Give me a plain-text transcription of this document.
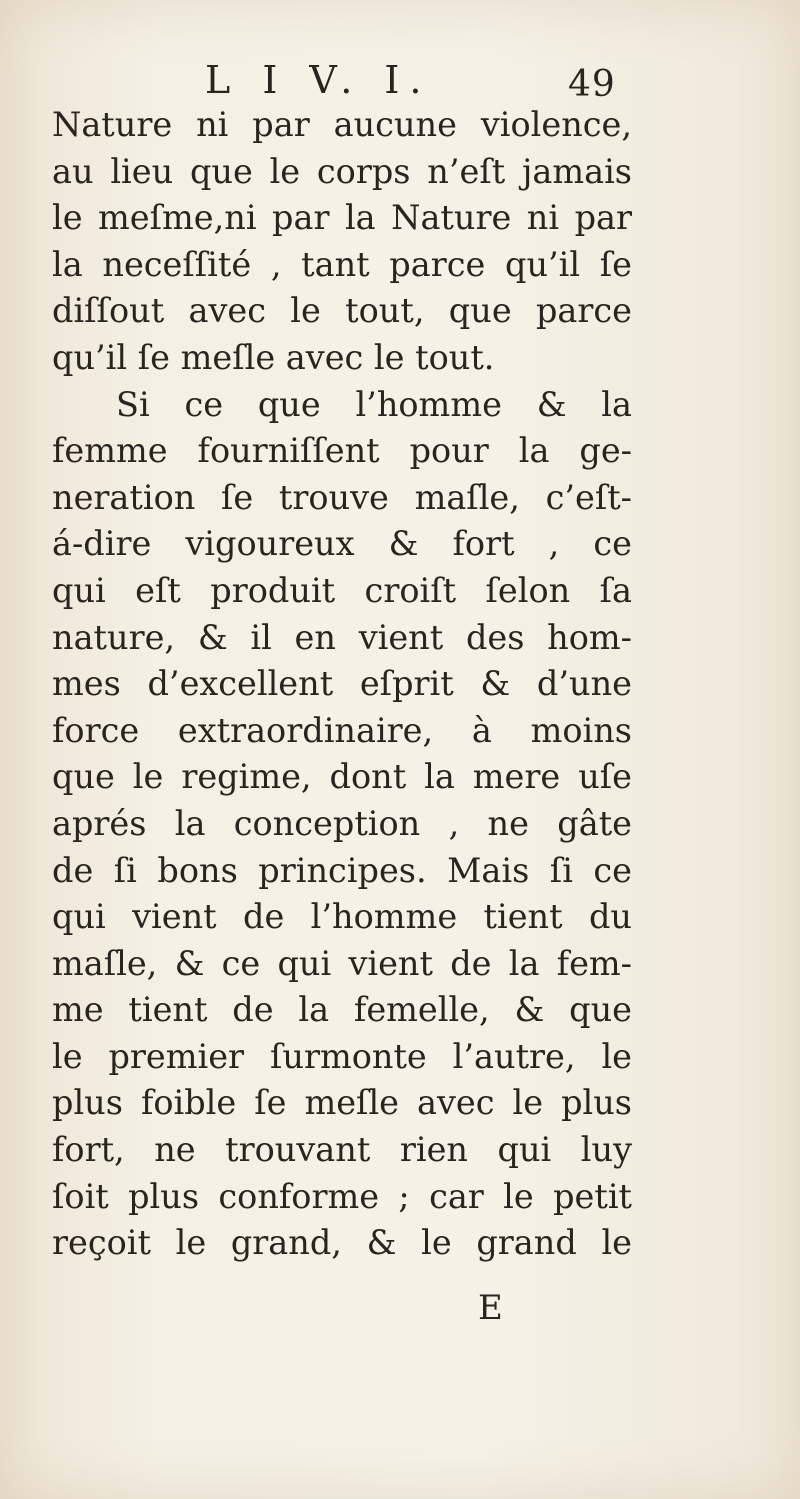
L I V. I.	49
Nature ni par aucune violence,
au lieu que le corps n’eſt jamais
le meſme,ni par la Nature ni par
la neceſſité , tant parce qu’il ſe
diſſout avec le tout, que parce
qu’il ſe meſle avec le tout.
Si ce que l’homme & la
femme fourniſſent pour la ge-
neration ſe trouve maſle, c’eſt-
á-dire vigoureux & fort , ce
qui eſt produit croiſt ſelon ſa
nature, & il en vient des hom-
mes d’excellent eſprit & d’une
force extraordinaire, à moins
que le regime, dont la mere uſe
aprés la conception , ne gâte
de ſi bons principes. Mais ſi ce
qui vient de l’homme tient du
maſle, & ce qui vient de la fem-
me tient de la femelle, & que
le premier ſurmonte l’autre, le
plus foible ſe meſle avec le plus
fort, ne trouvant rien qui luy
ſoit plus conforme ; car le petit
reçoit le grand, & le grand le
E
